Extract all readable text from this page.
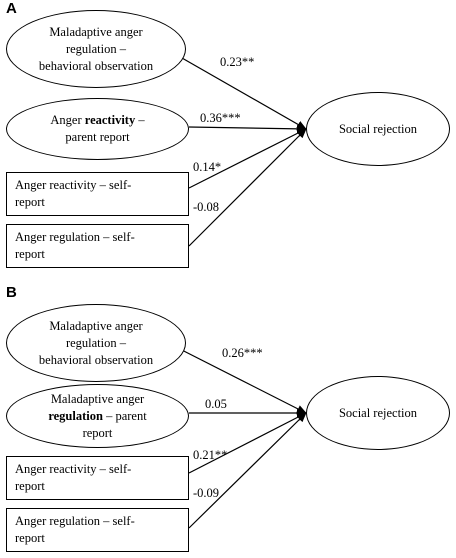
A
Maladaptive anger
regulation –
behavioral observation
Anger reactivity –
parent report
Anger reactivity – self-
report
Anger regulation – self-
report
Social rejection
0.23**
0.36***
0.14*
-0.08
B
Maladaptive anger
regulation –
behavioral observation
Maladaptive anger
regulation – parent
report
Anger reactivity – self-
report
Anger regulation – self-
report
Social rejection
0.26***
0.05
0.21**
-0.09
